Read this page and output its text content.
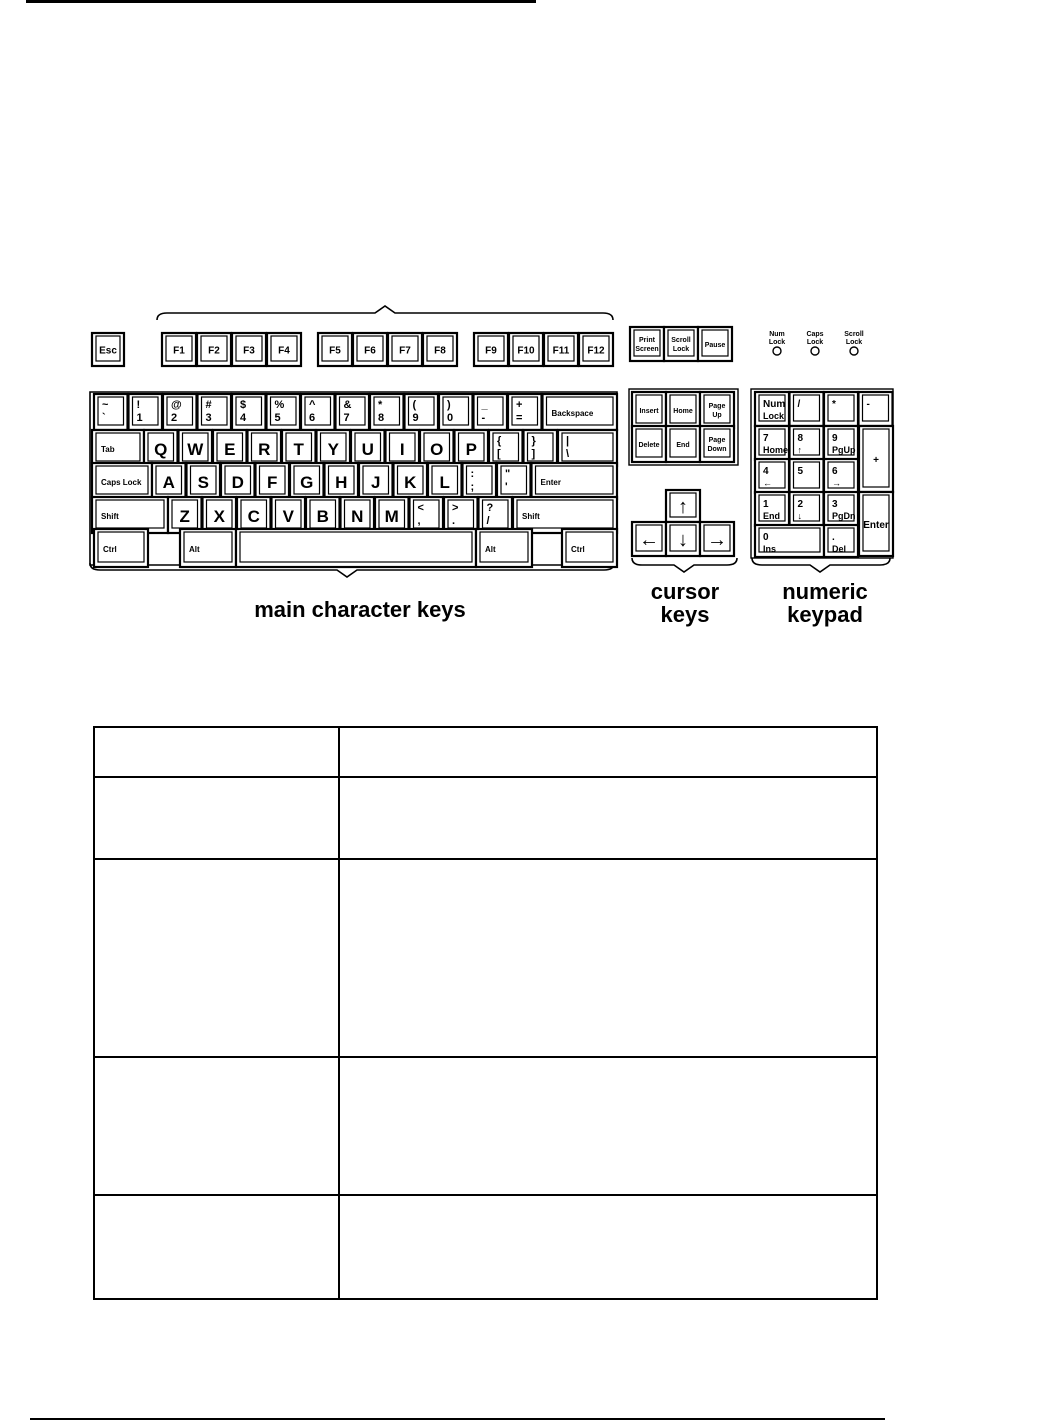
Esc	F1 F2 F3 F4	F5 F6 F7 F8	F9 F10 F11 F12
Print
Screen
Scroll
Lock
Pause
Num
Lock
Caps
Lock
Scroll
Lock
~
`
!
1
@
2
#
3
$
4
%
5
^
6
&
7
*
8
(
9
)
0
_
-
+
=	Backspace
Tab Q W E R T Y U I O P {
[
}
]
|
\
Caps Lock A S D F G H J K L :
;
"
'	Enter
Shift	Z X C V B N M <
,
>
.
?
/	Shift
Ctrl	Alt	Alt	Ctrl
Insert Home
Page
Up
Delete End
Page
Down
↑
← ↓ →
Num
Lock
/	*	-
7
Home
8
↑
9
PgUp
4
←
5	6
→
1
End
2
↓
3
PgDn
+
Enter
0
Ins
.
Del
main character keys
cursor keys
numeric keypad
